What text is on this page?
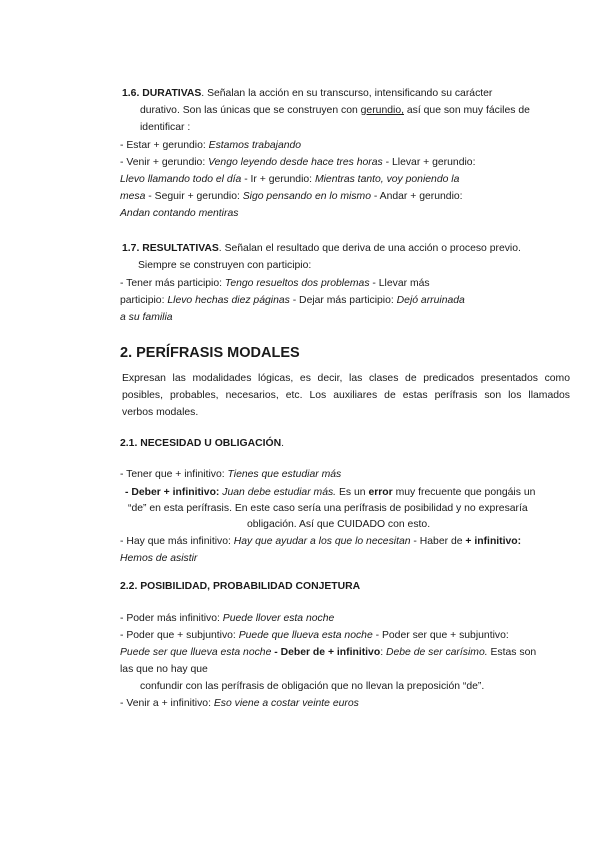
1.6. DURATIVAS. Señalan la acción en su transcurso, intensificando su carácter
durativo. Son las únicas que se construyen con gerundio, así que son muy fáciles de
identificar :
- Estar + gerundio: Estamos trabajando
- Venir + gerundio: Vengo leyendo desde hace tres horas - Llevar + gerundio:
Llevo llamando todo el día - Ir + gerundio: Mientras tanto, voy poniendo la
mesa - Seguir + gerundio: Sigo pensando en lo mismo - Andar + gerundio:
Andan contando mentiras
1.7. RESULTATIVAS. Señalan el resultado que deriva de una acción o proceso previo.
Siempre se construyen con participio:
- Tener más participio: Tengo resueltos dos problemas - Llevar más
participio: Llevo hechas diez páginas - Dejar más participio: Dejó arruinada
a su familia
2. PERÍFRASIS MODALES
Expresan las modalidades lógicas, es decir, las clases de predicados presentados como
posibles, probables, necesarios, etc. Los auxiliares de estas perífrasis son los llamados
verbos modales.
2.1. NECESIDAD U OBLIGACIÓN.
- Tener que + infinitivo: Tienes que estudiar más
- Deber + infinitivo: Juan debe estudiar más. Es un error muy frecuente que pongáis un
“de” en esta perífrasis. En este caso sería una perífrasis de posibilidad y no expresaría
obligación. Así que CUIDADO con esto.
- Hay que más infinitivo: Hay que ayudar a los que lo necesitan - Haber de + infinitivo:
Hemos de asistir
2.2. POSIBILIDAD, PROBABILIDAD CONJETURA
- Poder más infinitivo: Puede llover esta noche
- Poder que + subjuntivo: Puede que llueva esta noche - Poder ser que + subjuntivo:
Puede ser que llueva esta noche - Deber de + infinitivo: Debe de ser carísimo. Estas son
las que no hay que
confundir con las perífrasis de obligación que no llevan la preposición “de”.
- Venir a + infinitivo: Eso viene a costar veinte euros
